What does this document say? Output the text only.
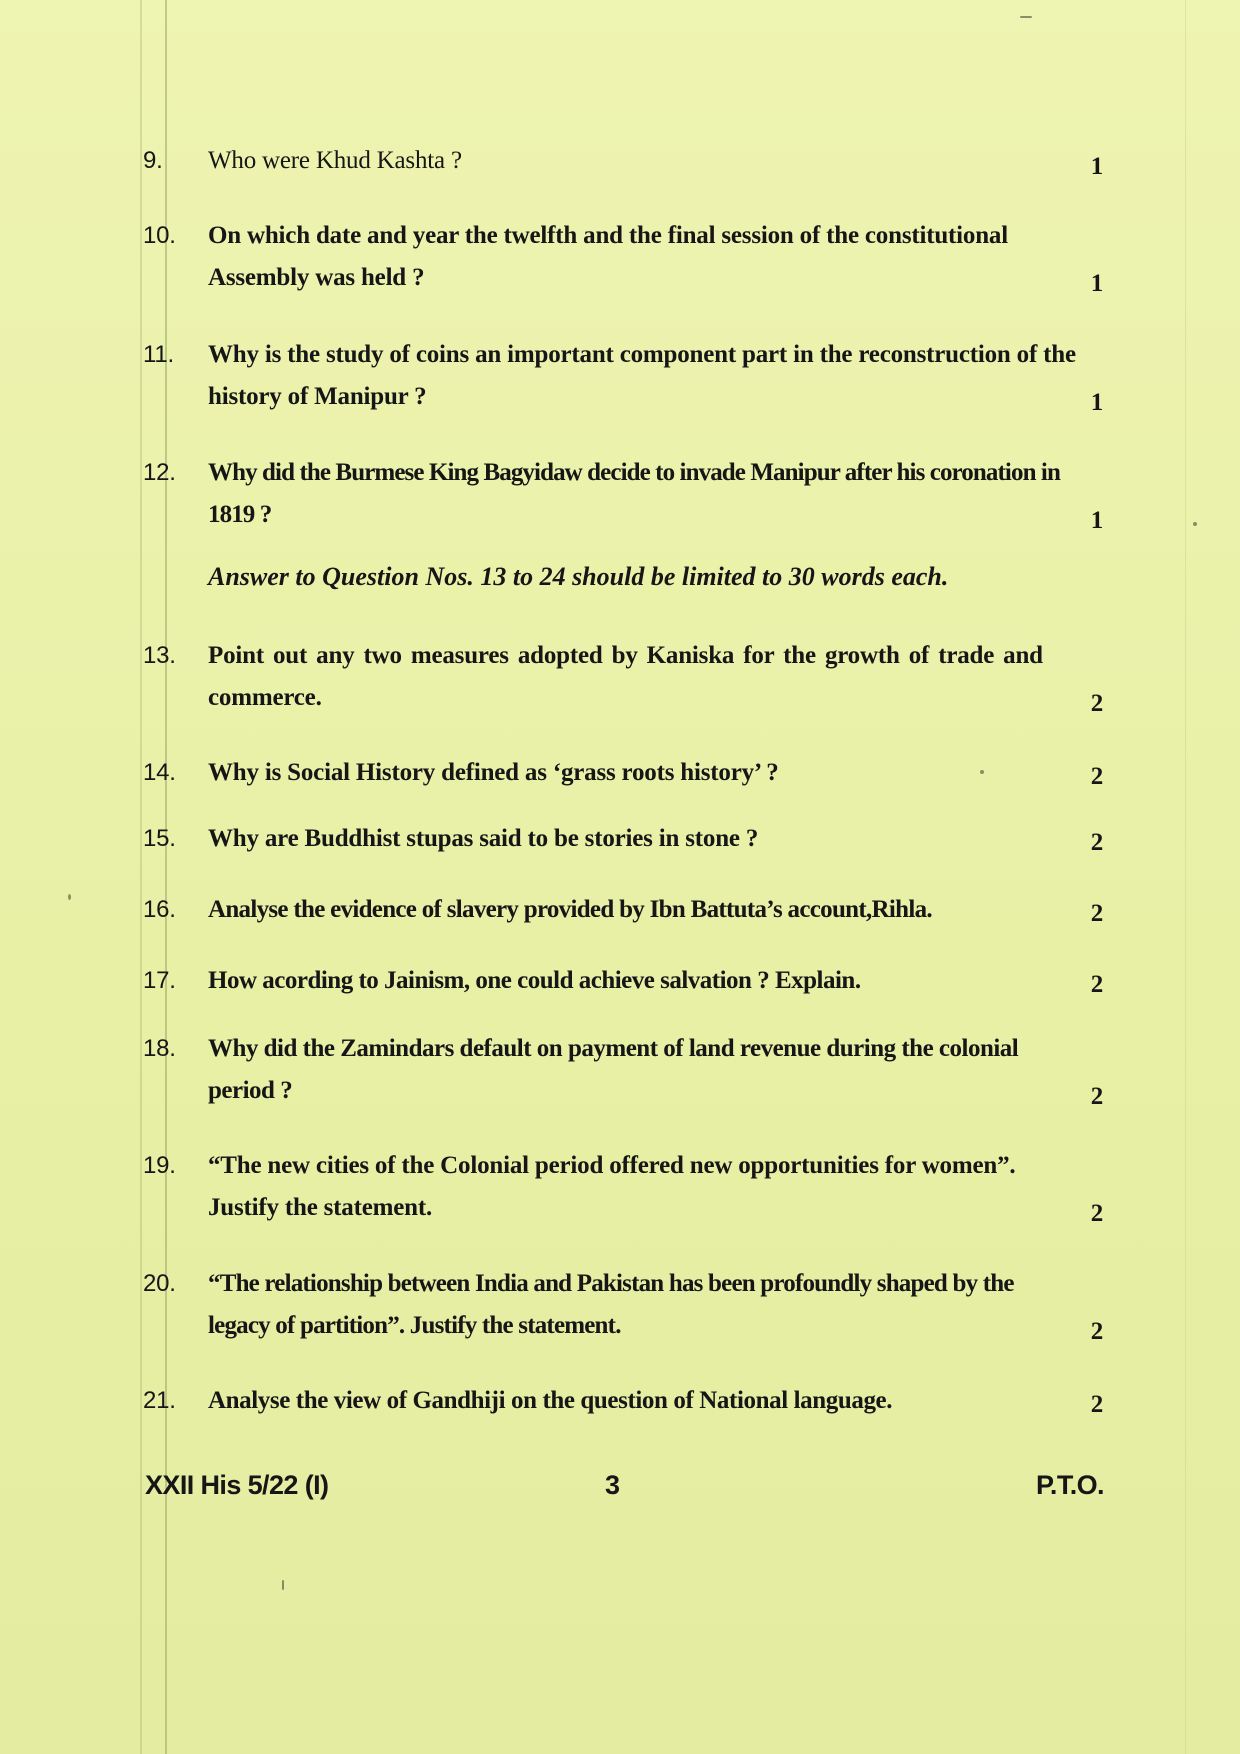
9.	Who were Khud Kashta ?	1
10.	On which date and year the twelfth and the final session of the constitutional Assembly was held ?	1
11.	Why is the study of coins an important component part in the reconstruction of the history of Manipur ?	1
12.	Why did the Burmese King Bagyidaw decide to invade Manipur after his coronation in 1819 ?	1
Answer to Question Nos. 13 to 24 should be limited to 30 words each.
13.	Point out any two measures adopted by Kaniska for the growth of trade and commerce.	2
14.	Why is Social History defined as ‘grass roots history’ ?	2
15.	Why are Buddhist stupas said to be stories in stone ?	2
16.	Analyse the evidence of slavery provided by Ibn Battuta’s account,Rihla.	2
17.	How acording to Jainism, one could achieve salvation ? Explain.	2
18.	Why did the Zamindars default on payment of land revenue during the colonial period ?	2
19.	“The new cities of the Colonial period offered new opportunities for women”. Justify the statement.	2
20.	“The relationship between India and Pakistan has been profoundly shaped by the legacy of partition”. Justify the statement.	2
21.	Analyse the view of Gandhiji on the question of National language.	2
XXII His 5/22 (I)	3	P.T.O.
